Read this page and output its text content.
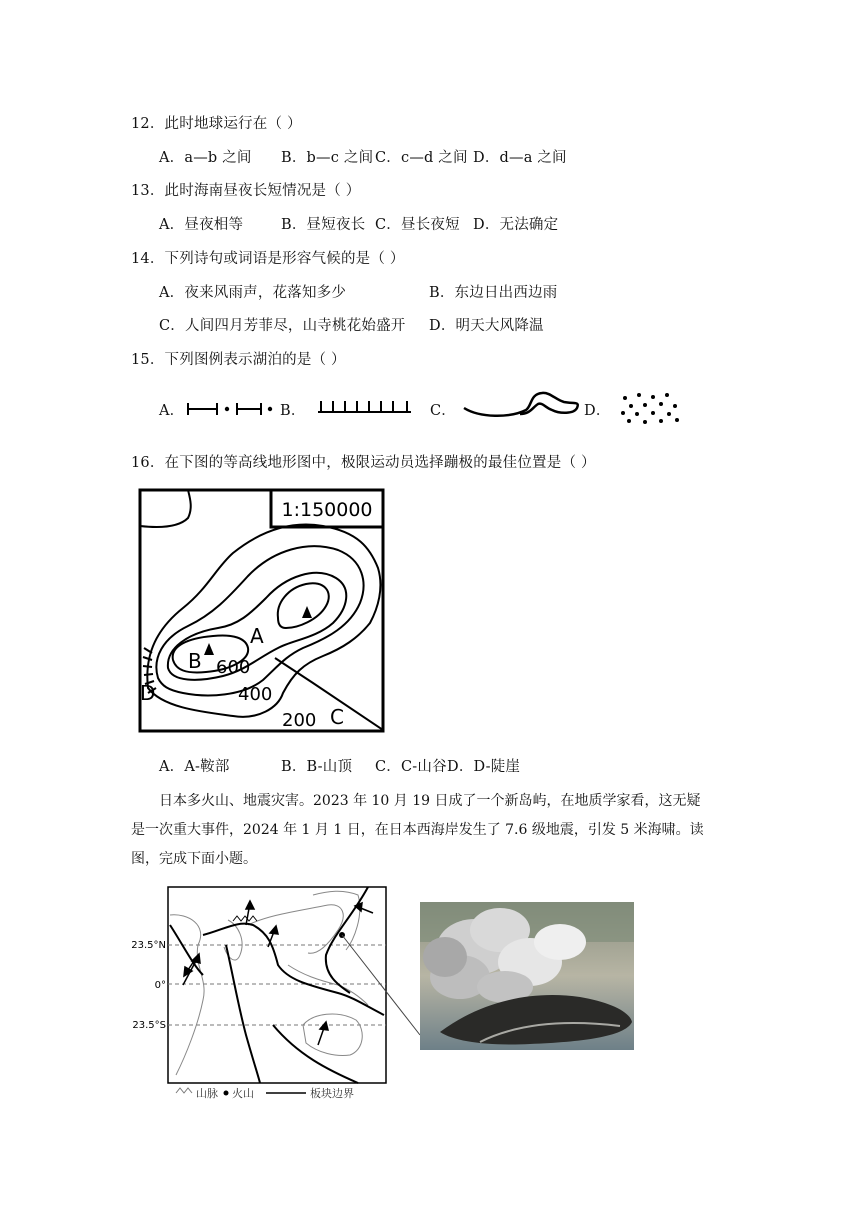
12．此时地球运行在（ ）
A．a—b 之间 B．b—c 之间 C．c—d 之间 D．d—a 之间
13．此时海南昼夜长短情况是（ ）
A．昼夜相等	B．昼短夜长 C．昼长夜短 D．无法确定
14．下列诗句或词语是形容气候的是（ ）
A．夜来风雨声，花落知多少	B．东边日出西边雨
C．人间四月芳菲尽，山寺桃花始盛开 D．明天大风降温
15．下列图例表示湖泊的是（ ）
A．	B．	C．	D．
16．在下图的等高线地形图中，极限运动员选择蹦极的最佳位置是（ ）
1:150000
A
B
C
D
600
400
200
A．A-鞍部	B．B-山顶 C．C-山谷 D．D-陡崖
日本多火山、地震灾害。2023 年 10 月 19 日成了一个新岛屿，在地质学家看，这无疑
是一次重大事件，2024 年 1 月 1 日，在日本西海岸发生了 7.6 级地震，引发 5 米海啸。读
图，完成下面小题。
23.5°N
0°
23.5°S
山脉 火山	板块边界
